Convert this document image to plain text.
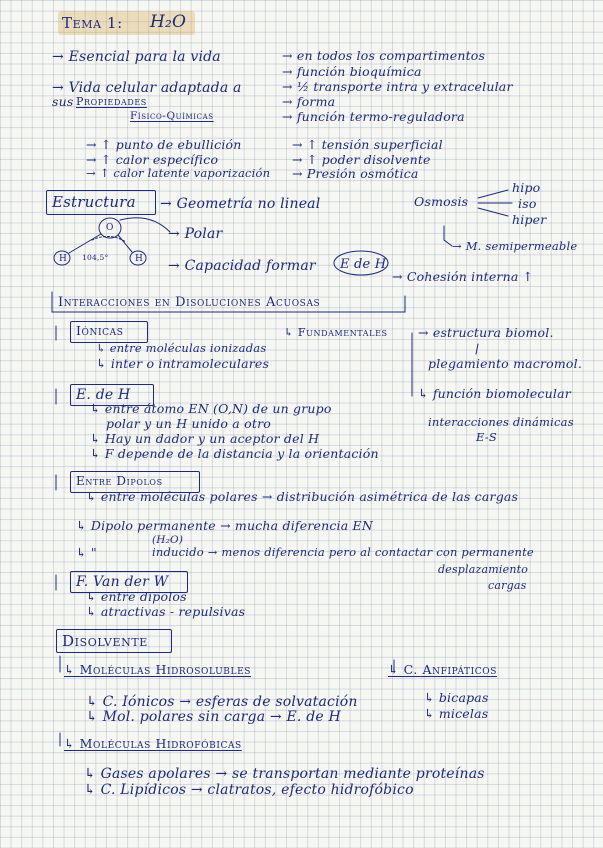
Tema 1: H₂O
→ Esencial para la vida	→ en todos los compartimentos
→ función bioquímica
→ Vida celular adaptada a	→ ½ transporte intra y extracelular
sus Propiedades	→ forma
Físico-Químicas	→ función termo-reguladora
→ ↑ punto de ebullición	→ ↑ tensión superficial
→ ↑ calor específico	→ ↑ poder disolvente
→ ↑ calor latente vaporización → Presión osmótica
Estructura → Geometría no lineal	Osmosis
hipo
iso
hiper
O
H	H
104,5°
→ Polar
→ M. semipermeable
→ Capacidad formar E de H
→ Cohesión interna ↑
Interacciones en Disoluciones Acuosas
Iónicas
↳ entre moléculas ionizadas
↳ inter o intramoleculares
↳ Fundamentales → estructura biomol.
plegamiento macromol.
↳ función biomolecular
interacciones dinámicas
E-S
E. de H
↳ entre átomo EN (O,N) de un grupo
polar y un H unido a otro
↳ Hay un dador y un aceptor del H
↳ F depende de la distancia y la orientación
Entre Dipolos
↳ entre moléculas polares → distribución asimétrica de las cargas
↳ Dipolo permanente → mucha diferencia EN
(H₂O)
↳ "	inducido → menos diferencia pero al contactar con permanente
desplazamiento
cargas
F. Van der W
↳ entre dipolos
↳ atractivas - repulsivas
Disolvente
↳ Moléculas Hidrosolubles
↳ C. Iónicos → esferas de solvatación
↳ Mol. polares sin carga → E. de H
↳ C. Anfipáticos
↳ bicapas
↳ micelas
↳ Moléculas Hidrofóbicas
↳ Gases apolares → se transportan mediante proteínas
↳ C. Lipídicos → clatratos, efecto hidrofóbico
